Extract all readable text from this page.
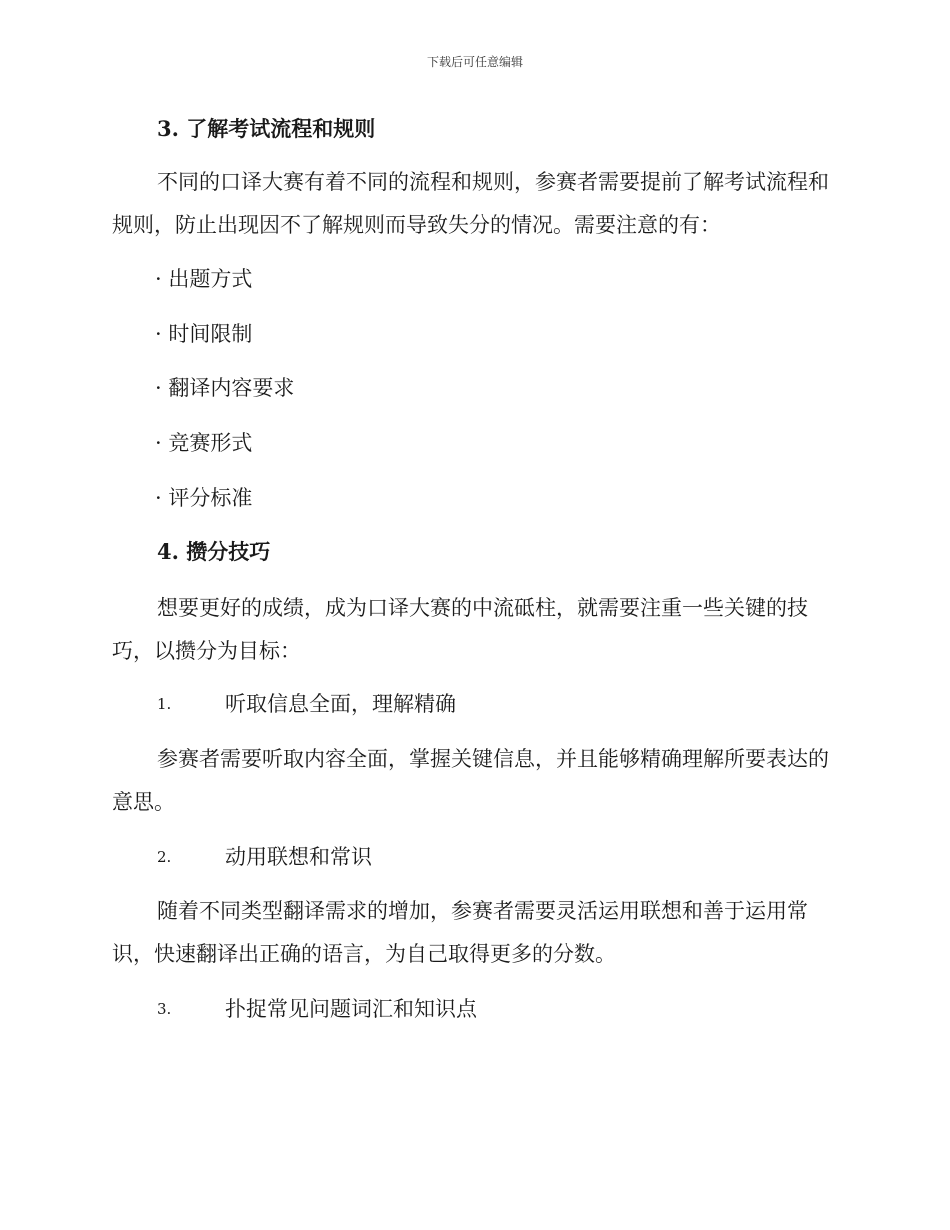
下载后可任意编辑
3. 了解考试流程和规则
不同的口译大赛有着不同的流程和规则，参赛者需要提前了解考试流程和规则，防止出现因不了解规则而导致失分的情况。需要注意的有：
· 出题方式
· 时间限制
· 翻译内容要求
· 竞赛形式
· 评分标准
4. 攒分技巧
想要更好的成绩，成为口译大赛的中流砥柱，就需要注重一些关键的技巧，以攒分为目标：
1.	听取信息全面，理解精确
参赛者需要听取内容全面，掌握关键信息，并且能够精确理解所要表达的意思。
2.	动用联想和常识
随着不同类型翻译需求的增加，参赛者需要灵活运用联想和善于运用常识，快速翻译出正确的语言，为自己取得更多的分数。
3.	扑捉常见问题词汇和知识点
